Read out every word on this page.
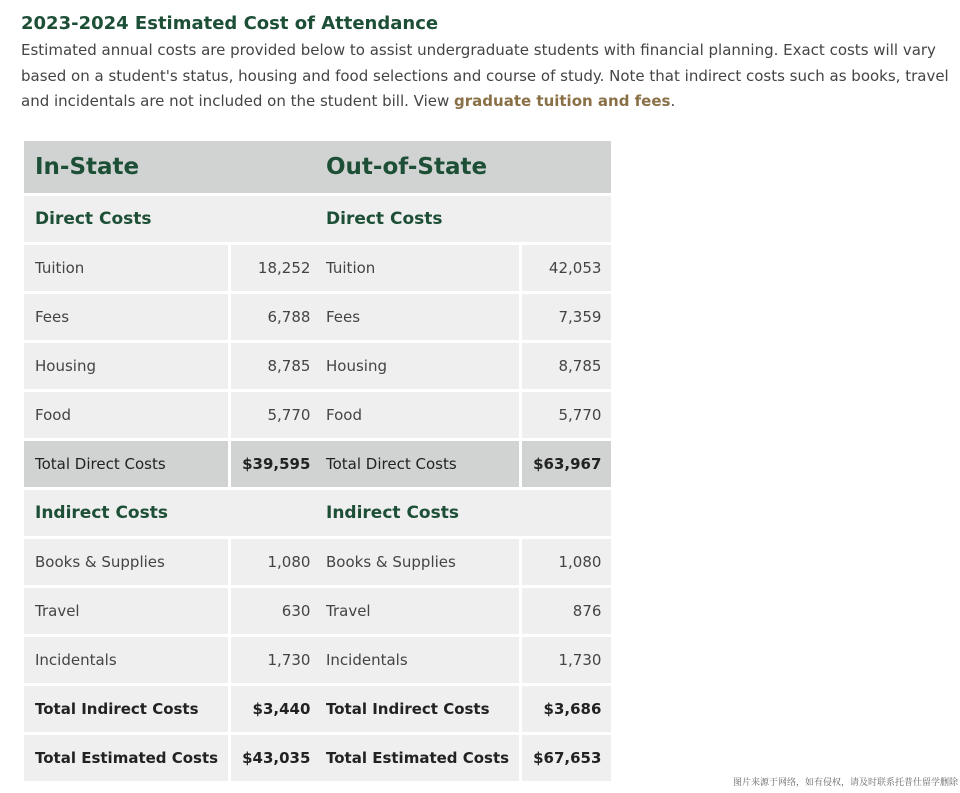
2023-2024 Estimated Cost of Attendance

Estimated annual costs are provided below to assist undergraduate students with financial planning. Exact costs will vary based on a student's status, housing and food selections and course of study. Note that indirect costs such as books, travel and incidentals are not included on the student bill. View graduate tuition and fees.

In-State	
Direct Costs	
Tuition	18,252
Fees	6,788
Housing	8,785
Food	5,770
Total Direct Costs	$39,595
Indirect Costs	
Books & Supplies	1,080
Travel	630
Incidentals	1,730
Total Indirect Costs	$3,440
Total Estimated Costs	$43,035
Out-of-State	
Direct Costs	
Tuition	42,053
Fees	7,359
Housing	8,785
Food	5,770
Total Direct Costs	$63,967
Indirect Costs	
Books & Supplies	1,080
Travel	876
Incidentals	1,730
Total Indirect Costs	$3,686
Total Estimated Costs	$67,653
图片来源于网络，如有侵权，请及时联系托普仕留学删除
